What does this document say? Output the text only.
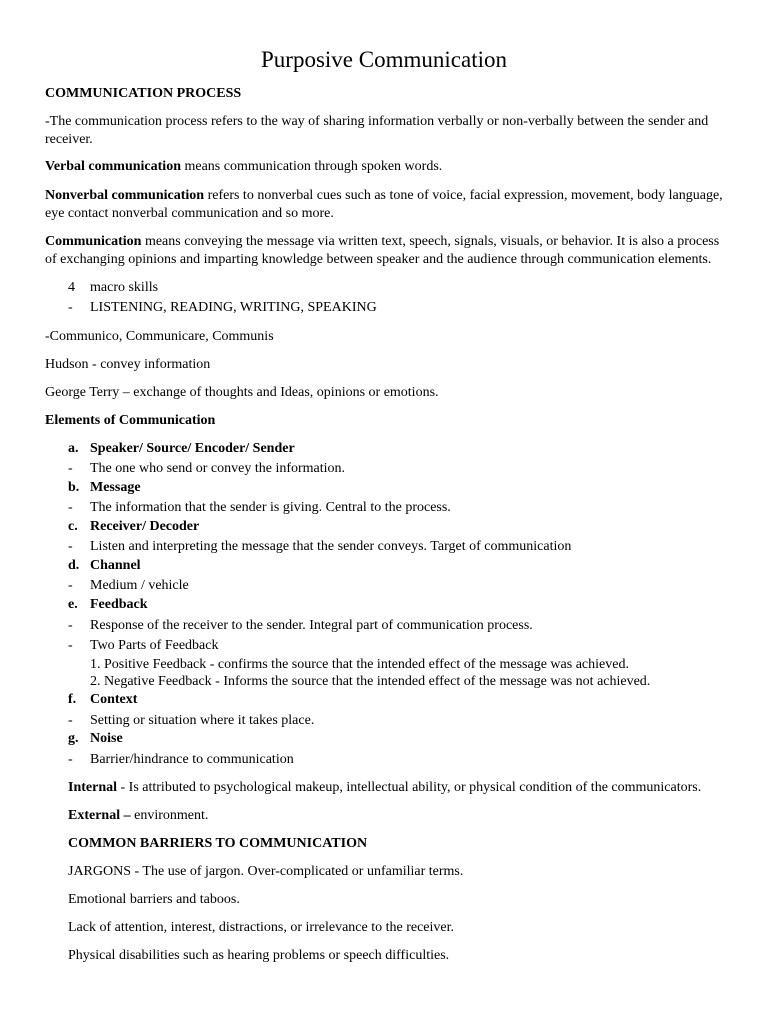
Purposive Communication
COMMUNICATION PROCESS
-The communication process refers to the way of sharing information verbally or non-verbally between the sender and receiver.
Verbal communication means communication through spoken words.
Nonverbal communication refers to nonverbal cues such as tone of voice, facial expression, movement, body language, eye contact nonverbal communication and so more.
Communication means conveying the message via written text, speech, signals, visuals, or behavior. It is also a process of exchanging opinions and imparting knowledge between speaker and the audience through communication elements.
4 macro skills
- LISTENING, READING, WRITING, SPEAKING
-Communico, Communicare, Communis
Hudson - convey information
George Terry – exchange of thoughts and Ideas, opinions or emotions.
Elements of Communication
a. Speaker/ Source/ Encoder/ Sender
- The one who send or convey the information.
b. Message
- The information that the sender is giving. Central to the process.
c. Receiver/ Decoder
- Listen and interpreting the message that the sender conveys. Target of communication
d. Channel
- Medium / vehicle
e. Feedback
- Response of the receiver to the sender. Integral part of communication process.
- Two Parts of Feedback
1. Positive Feedback - confirms the source that the intended effect of the message was achieved.
2. Negative Feedback - Informs the source that the intended effect of the message was not achieved.
f. Context
- Setting or situation where it takes place.
g. Noise
- Barrier/hindrance to communication
Internal - Is attributed to psychological makeup, intellectual ability, or physical condition of the communicators.
External – environment.
COMMON BARRIERS TO COMMUNICATION
JARGONS - The use of jargon. Over-complicated or unfamiliar terms.
Emotional barriers and taboos.
Lack of attention, interest, distractions, or irrelevance to the receiver.
Physical disabilities such as hearing problems or speech difficulties.
